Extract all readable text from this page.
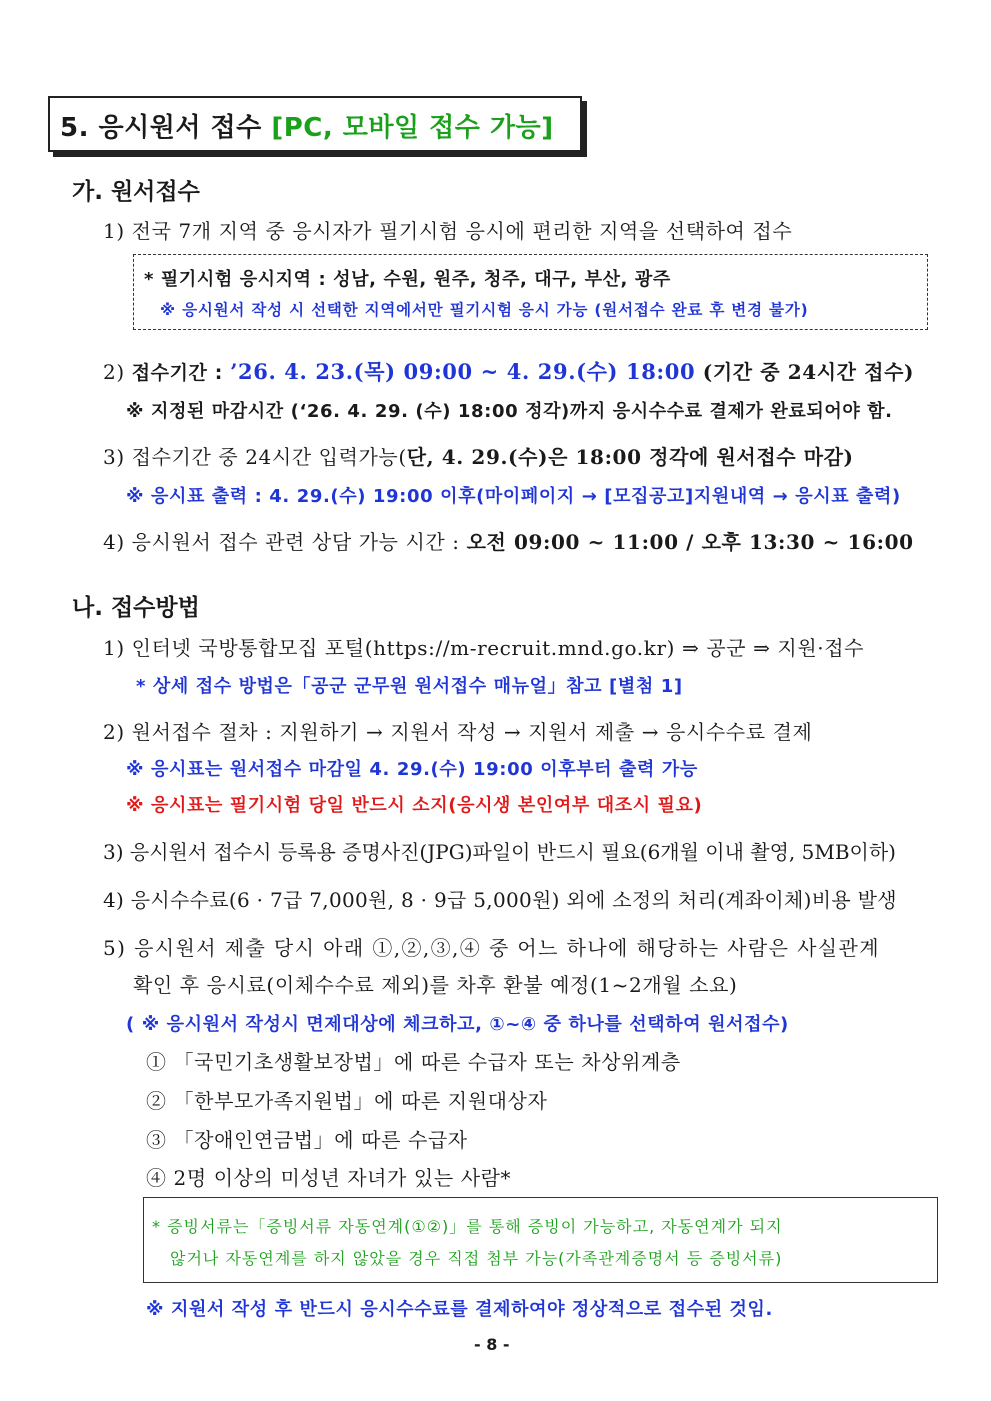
5. 응시원서 접수 [PC, 모바일 접수 가능]
가. 원서접수
1) 전국 7개 지역 중 응시자가 필기시험 응시에 편리한 지역을 선택하여 접수
* 필기시험 응시지역 : 성남, 수원, 원주, 청주, 대구, 부산, 광주
※ 응시원서 작성 시 선택한 지역에서만 필기시험 응시 가능 (원서접수 완료 후 변경 불가)
2) 접수기간 : ’26. 4. 23.(목) 09:00 ~ 4. 29.(수) 18:00 (기간 중 24시간 접수)
※ 지정된 마감시간 (‘26. 4. 29. (수) 18:00 정각)까지 응시수수료 결제가 완료되어야 함.
3) 접수기간 중 24시간 입력가능(단, 4. 29.(수)은 18:00 정각에 원서접수 마감)
※ 응시표 출력 : 4. 29.(수) 19:00 이후(마이페이지 → [모집공고]지원내역 → 응시표 출력)
4) 응시원서 접수 관련 상담 가능 시간 : 오전 09:00 ~ 11:00 / 오후 13:30 ~ 16:00
나. 접수방법
1) 인터넷 국방통합모집 포털(https://m-recruit.mnd.go.kr) ⇒ 공군 ⇒ 지원·접수
* 상세 접수 방법은「공군 군무원 원서접수 매뉴얼」참고 [별첨 1]
2) 원서접수 절차 : 지원하기 → 지원서 작성 → 지원서 제출 → 응시수수료 결제
※ 응시표는 원서접수 마감일 4. 29.(수) 19:00 이후부터 출력 가능
※ 응시표는 필기시험 당일 반드시 소지(응시생 본인여부 대조시 필요)
3) 응시원서 접수시 등록용 증명사진(JPG)파일이 반드시 필요(6개월 이내 촬영, 5MB이하)
4) 응시수수료(6 · 7급 7,000원, 8 · 9급 5,000원) 외에 소정의 처리(계좌이체)비용 발생
5) 응시원서 제출 당시 아래 ①,②,③,④ 중 어느 하나에 해당하는 사람은 사실관계
확인 후 응시료(이체수수료 제외)를 차후 환불 예정(1~2개월 소요)
( ※ 응시원서 작성시 면제대상에 체크하고, ①~④ 중 하나를 선택하여 원서접수)
① 「국민기초생활보장법」에 따른 수급자 또는 차상위계층
② 「한부모가족지원법」에 따른 지원대상자
③ 「장애인연금법」에 따른 수급자
④ 2명 이상의 미성년 자녀가 있는 사람*
* 증빙서류는「증빙서류 자동연계(①②)」를 통해 증빙이 가능하고, 자동연계가 되지
않거나 자동연계를 하지 않았을 경우 직접 첨부 가능(가족관계증명서 등 증빙서류)
※ 지원서 작성 후 반드시 응시수수료를 결제하여야 정상적으로 접수된 것임.
- 8 -
